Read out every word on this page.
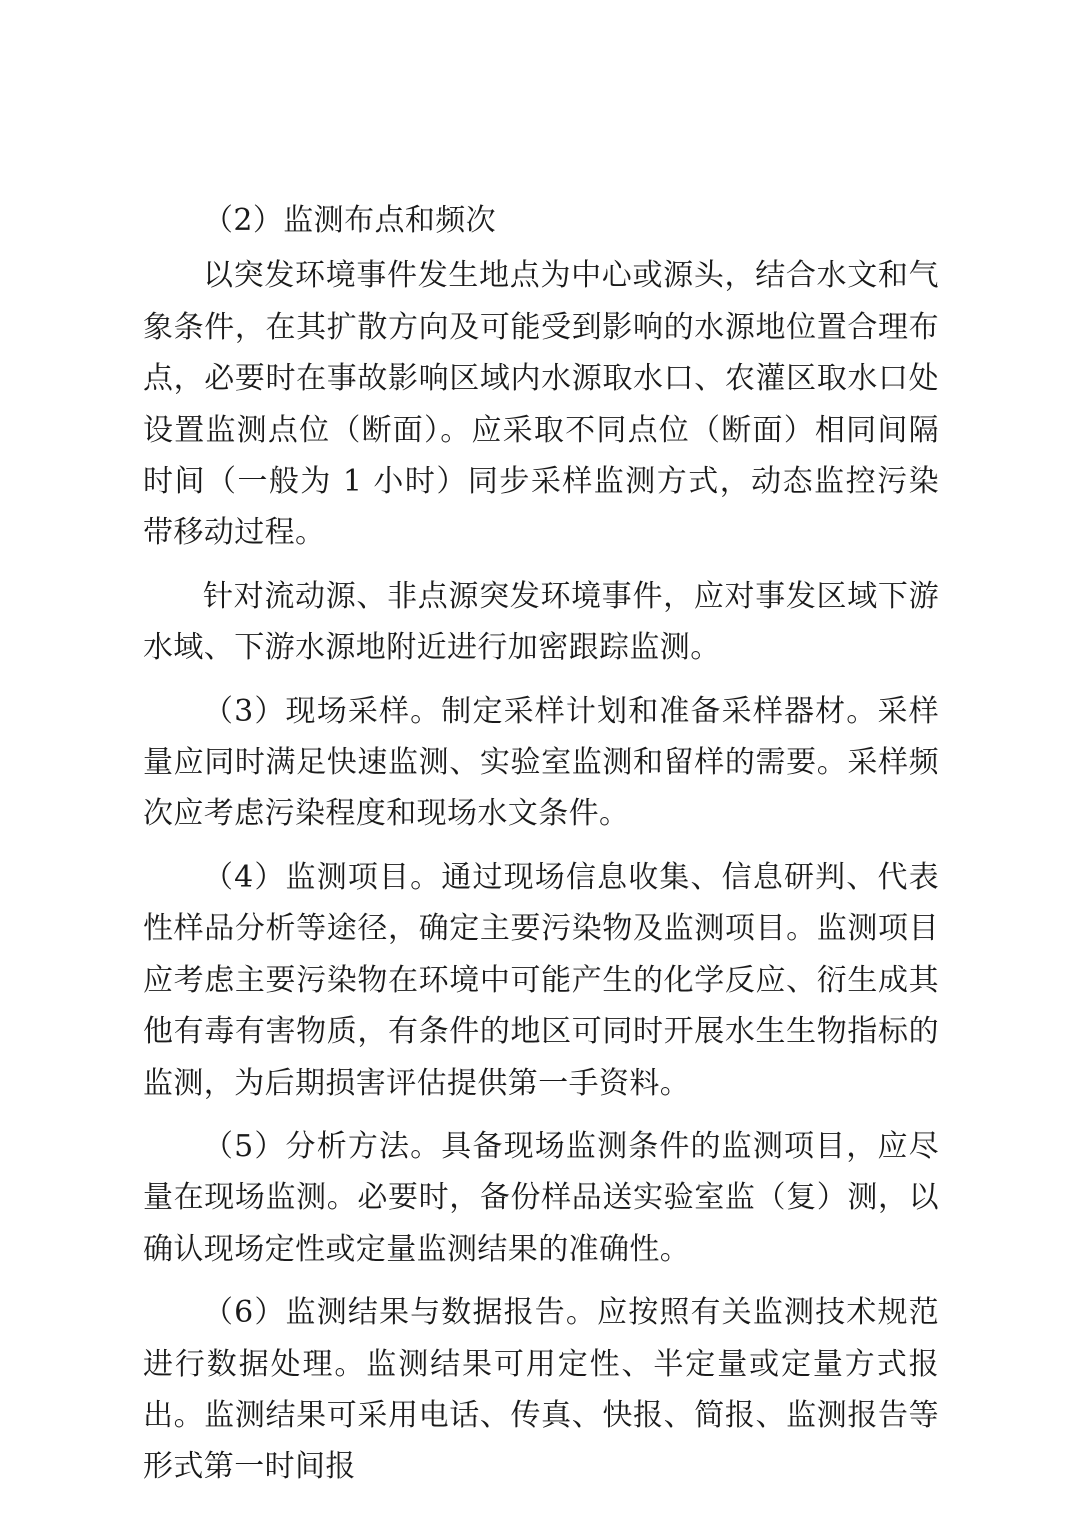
（2）监测布点和频次

以突发环境事件发生地点为中心或源头，结合水文和气象条件，在其扩散方向及可能受到影响的水源地位置合理布点，必要时在事故影响区域内水源取水口、农灌区取水口处设置监测点位（断面）。应采取不同点位（断面）相同间隔时间（一般为 1 小时）同步采样监测方式，动态监控污染带移动过程。

针对流动源、非点源突发环境事件，应对事发区域下游水域、下游水源地附近进行加密跟踪监测。

（3）现场采样。制定采样计划和准备采样器材。采样量应同时满足快速监测、实验室监测和留样的需要。采样频次应考虑污染程度和现场水文条件。

（4）监测项目。通过现场信息收集、信息研判、代表性样品分析等途径，确定主要污染物及监测项目。监测项目应考虑主要污染物在环境中可能产生的化学反应、衍生成其他有毒有害物质，有条件的地区可同时开展水生生物指标的监测，为后期损害评估提供第一手资料。

（5）分析方法。具备现场监测条件的监测项目，应尽量在现场监测。必要时，备份样品送实验室监（复）测，以确认现场定性或定量监测结果的准确性。

（6）监测结果与数据报告。应按照有关监测技术规范进行数据处理。监测结果可用定性、半定量或定量方式报出。监测结果可采用电话、传真、快报、简报、监测报告等形式第一时间报
